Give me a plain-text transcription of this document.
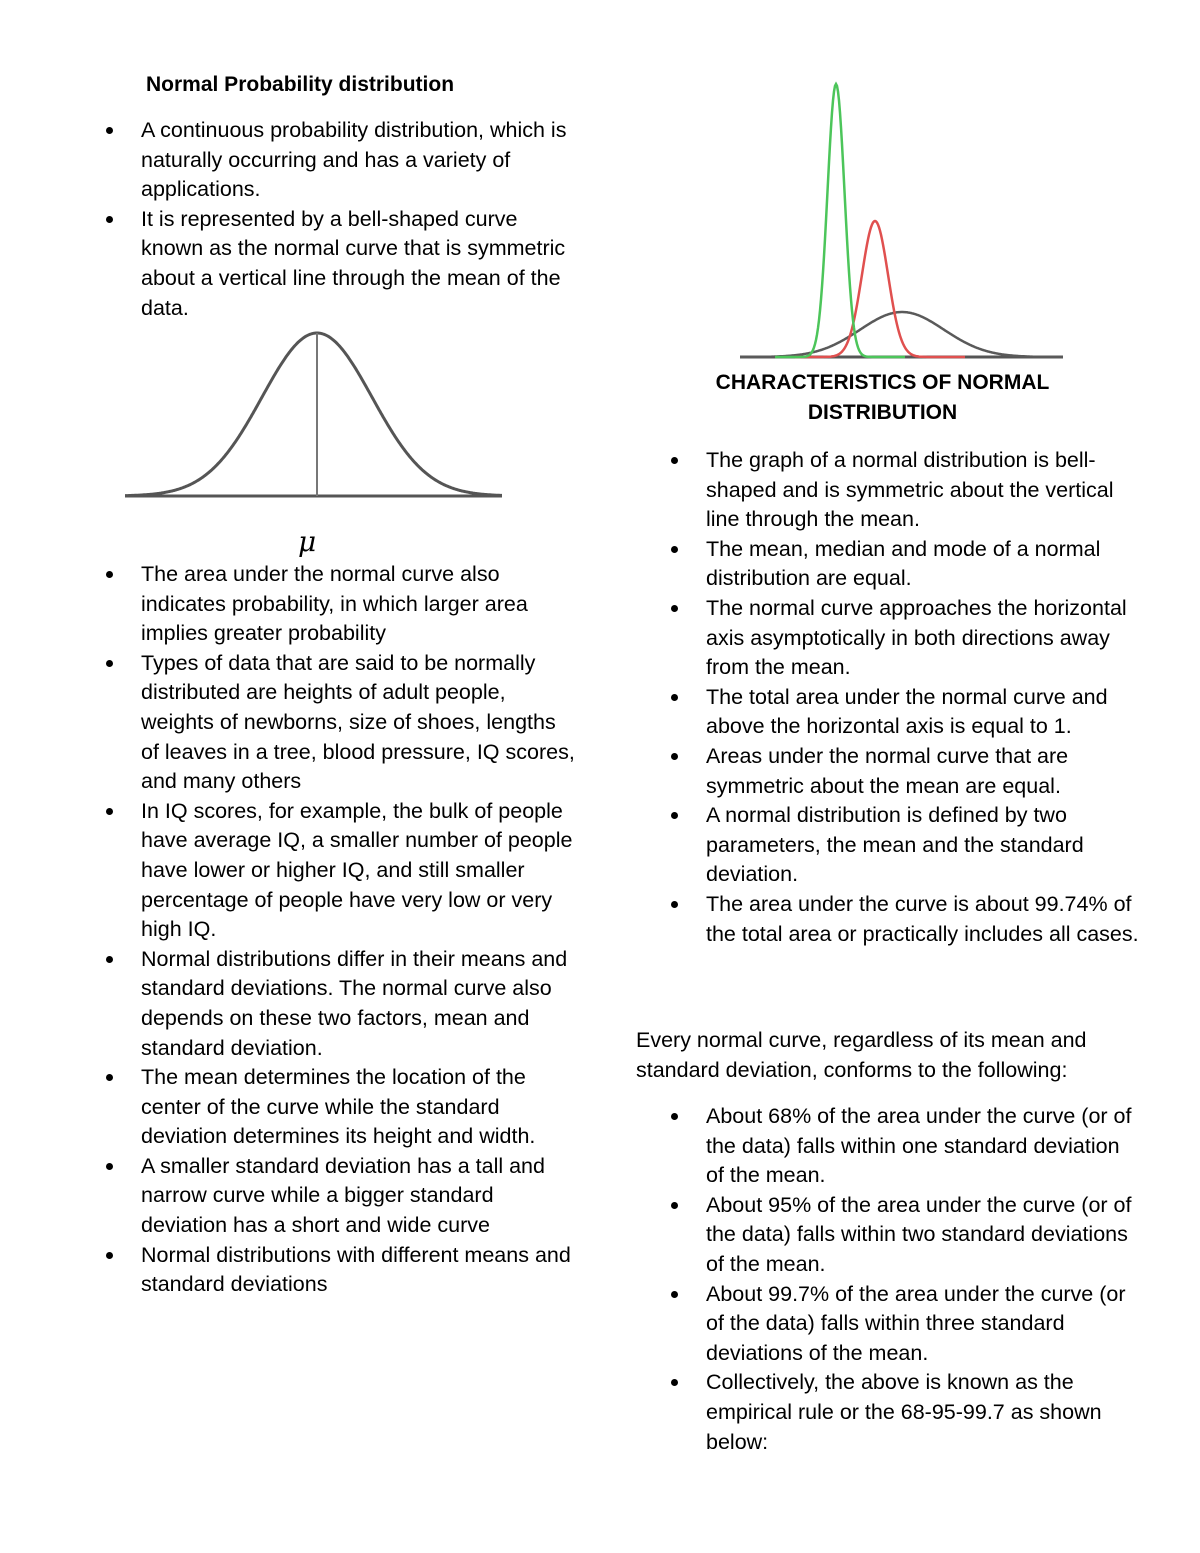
Normal Probability distribution
A continuous probability distribution, which is naturally occurring and has a variety of applications.
It is represented by a bell-shaped curve known as the normal curve that is symmetric about a vertical line through the mean of the data.
μ
The area under the normal curve also indicates probability, in which larger area implies greater probability
Types of data that are said to be normally distributed are heights of adult people, weights of newborns, size of shoes, lengths of leaves in a tree, blood pressure, IQ scores, and many others
In IQ scores, for example, the bulk of people have average IQ, a smaller number of people have lower or higher IQ, and still smaller percentage of people have very low or very high IQ.
Normal distributions differ in their means and standard deviations. The normal curve also depends on these two factors, mean and standard deviation.
The mean determines the location of the center of the curve while the standard deviation determines its height and width.
A smaller standard deviation has a tall and narrow curve while a bigger standard deviation has a short and wide curve
Normal distributions with different means and standard deviations
CHARACTERISTICS OF NORMAL
DISTRIBUTION
The graph of a normal distribution is bell-shaped and is symmetric about the vertical line through the mean.
The mean, median and mode of a normal distribution are equal.
The normal curve approaches the horizontal axis asymptotically in both directions away from the mean.
The total area under the normal curve and above the horizontal axis is equal to 1.
Areas under the normal curve that are symmetric about the mean are equal.
A normal distribution is defined by two parameters, the mean and the standard deviation.
The area under the curve is about 99.74% of the total area or practically includes all cases.

Every normal curve, regardless of its mean and standard deviation, conforms to the following:

About 68% of the area under the curve (or of the data) falls within one standard deviation of the mean.
About 95% of the area under the curve (or of the data) falls within two standard deviations of the mean.
About 99.7% of the area under the curve (or of the data) falls within three standard deviations of the mean.
Collectively, the above is known as the empirical rule or the 68-95-99.7 as shown below:
